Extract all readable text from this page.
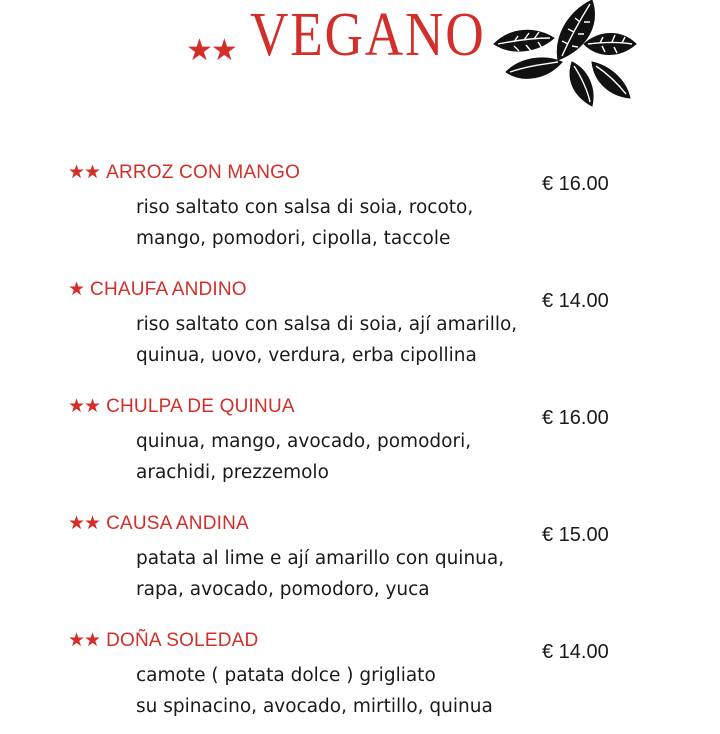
★★ VEGANO
★★ ARROZ CON MANGO
€ 16.00
riso saltato con salsa di soia, rocoto,
mango, pomodori, cipolla, taccole
★ CHAUFA ANDINO
€ 14.00
riso saltato con salsa di soia, ají amarillo,
quinua, uovo, verdura, erba cipollina
★★ CHULPA DE QUINUA
€ 16.00
quinua, mango, avocado, pomodori,
arachidi, prezzemolo
★★ CAUSA ANDINA
€ 15.00
patata al lime e ají amarillo con quinua,
rapa, avocado, pomodoro, yuca
★★ DOÑA SOLEDAD
€ 14.00
camote ( patata dolce ) grigliato
su spinacino, avocado, mirtillo, quinua
